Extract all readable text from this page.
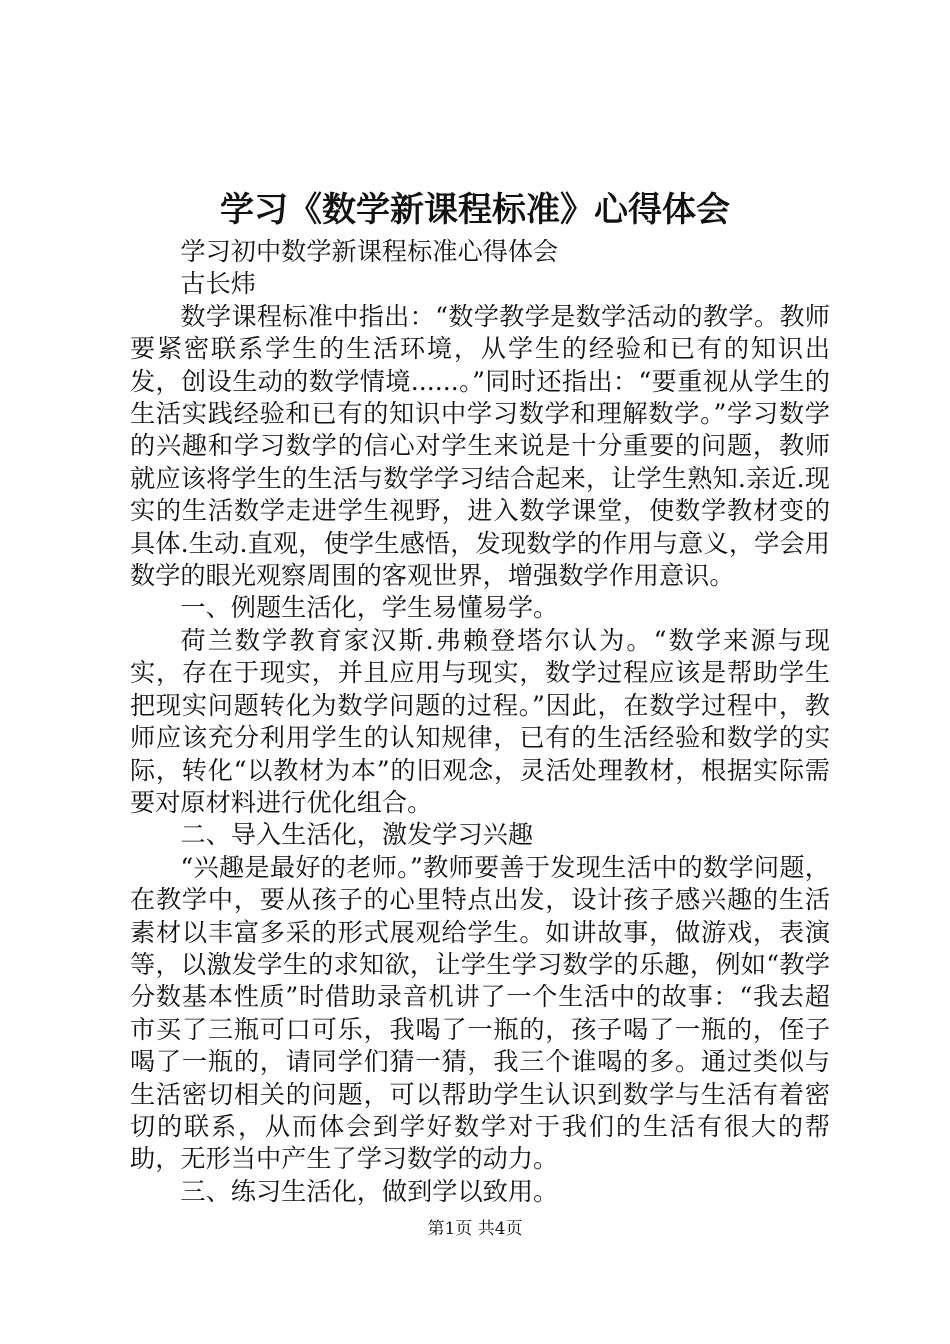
学习《数学新课程标准》心得体会

学习初中数学新课程标准心得体会

古长炜

数学课程标准中指出：“数学教学是数学活动的教学。教师要紧密联系学生的生活环境，从学生的经验和已有的知识出发，创设生动的数学情境......。”同时还指出：“要重视从学生的生活实践经验和已有的知识中学习数学和理解数学。”学习数学的兴趣和学习数学的信心对学生来说是十分重要的问题，教师就应该将学生的生活与数学学习结合起来，让学生熟知.亲近.现实的生活数学走进学生视野，进入数学课堂，使数学教材变的具体.生动.直观，使学生感悟，发现数学的作用与意义，学会用数学的眼光观察周围的客观世界，增强数学作用意识。

一、例题生活化，学生易懂易学。

荷兰数学教育家汉斯.弗赖登塔尔认为。“数学来源与现实，存在于现实，并且应用与现实，数学过程应该是帮助学生把现实问题转化为数学问题的过程。”因此，在数学过程中，教师应该充分利用学生的认知规律，已有的生活经验和数学的实际，转化“以教材为本”的旧观念，灵活处理教材，根据实际需要对原材料进行优化组合。

二、导入生活化，激发学习兴趣

“兴趣是最好的老师。”教师要善于发现生活中的数学问题，在教学中，要从孩子的心里特点出发，设计孩子感兴趣的生活素材以丰富多采的形式展观给学生。如讲故事，做游戏，表演等，以激发学生的求知欲，让学生学习数学的乐趣，例如“教学分数基本性质”时借助录音机讲了一个生活中的故事：“我去超市买了三瓶可口可乐，我喝了一瓶的，孩子喝了一瓶的，侄子喝了一瓶的，请同学们猜一猜，我三个谁喝的多。通过类似与生活密切相关的问题，可以帮助学生认识到数学与生活有着密切的联系，从而体会到学好数学对于我们的生活有很大的帮助，无形当中产生了学习数学的动力。

三、练习生活化，做到学以致用。

第1页 共4页
